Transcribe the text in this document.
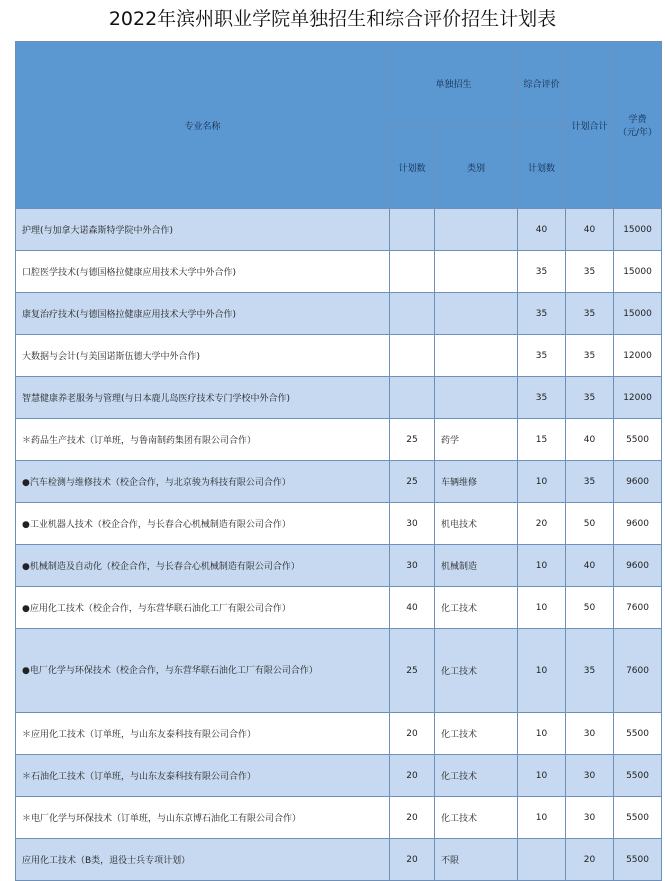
2022年滨州职业学院单独招生和综合评价招生计划表
专业名称	单独招生		综合评价	计划合计	学费（元/年）
	计划数	类别	计划数		
护理(与加拿大诺森斯特学院中外合作)			40	40	15000
口腔医学技术(与德国格拉健康应用技术大学中外合作)			35	35	15000
康复治疗技术(与德国格拉健康应用技术大学中外合作)			35	35	15000
大数据与会计(与美国诺斯伍德大学中外合作)			35	35	12000
智慧健康养老服务与管理(与日本鹿儿岛医疗技术专门学校中外合作)			35	35	12000
＊药品生产技术（订单班，与鲁南制药集团有限公司合作）	25	药学	15	40	5500
●汽车检测与维修技术（校企合作，与北京骏为科技有限公司合作）	25	车辆维修	10	35	9600
●工业机器人技术（校企合作，与长春合心机械制造有限公司合作）	30	机电技术	20	50	9600
●机械制造及自动化（校企合作，与长春合心机械制造有限公司合作）	30	机械制造	10	40	9600
●应用化工技术（校企合作，与东营华联石油化工厂有限公司合作）	40	化工技术	10	50	7600
●电厂化学与环保技术（校企合作，与东营华联石油化工厂有限公司合作）	25	化工技术	10	35	7600
＊应用化工技术（订单班，与山东友泰科技有限公司合作）	20	化工技术	10	30	5500
＊石油化工技术（订单班，与山东友泰科技有限公司合作）	20	化工技术	10	30	5500
＊电厂化学与环保技术（订单班，与山东京博石油化工有限公司合作）	20	化工技术	10	30	5500
应用化工技术（B类，退役士兵专项计划）	20	不限		20	5500
